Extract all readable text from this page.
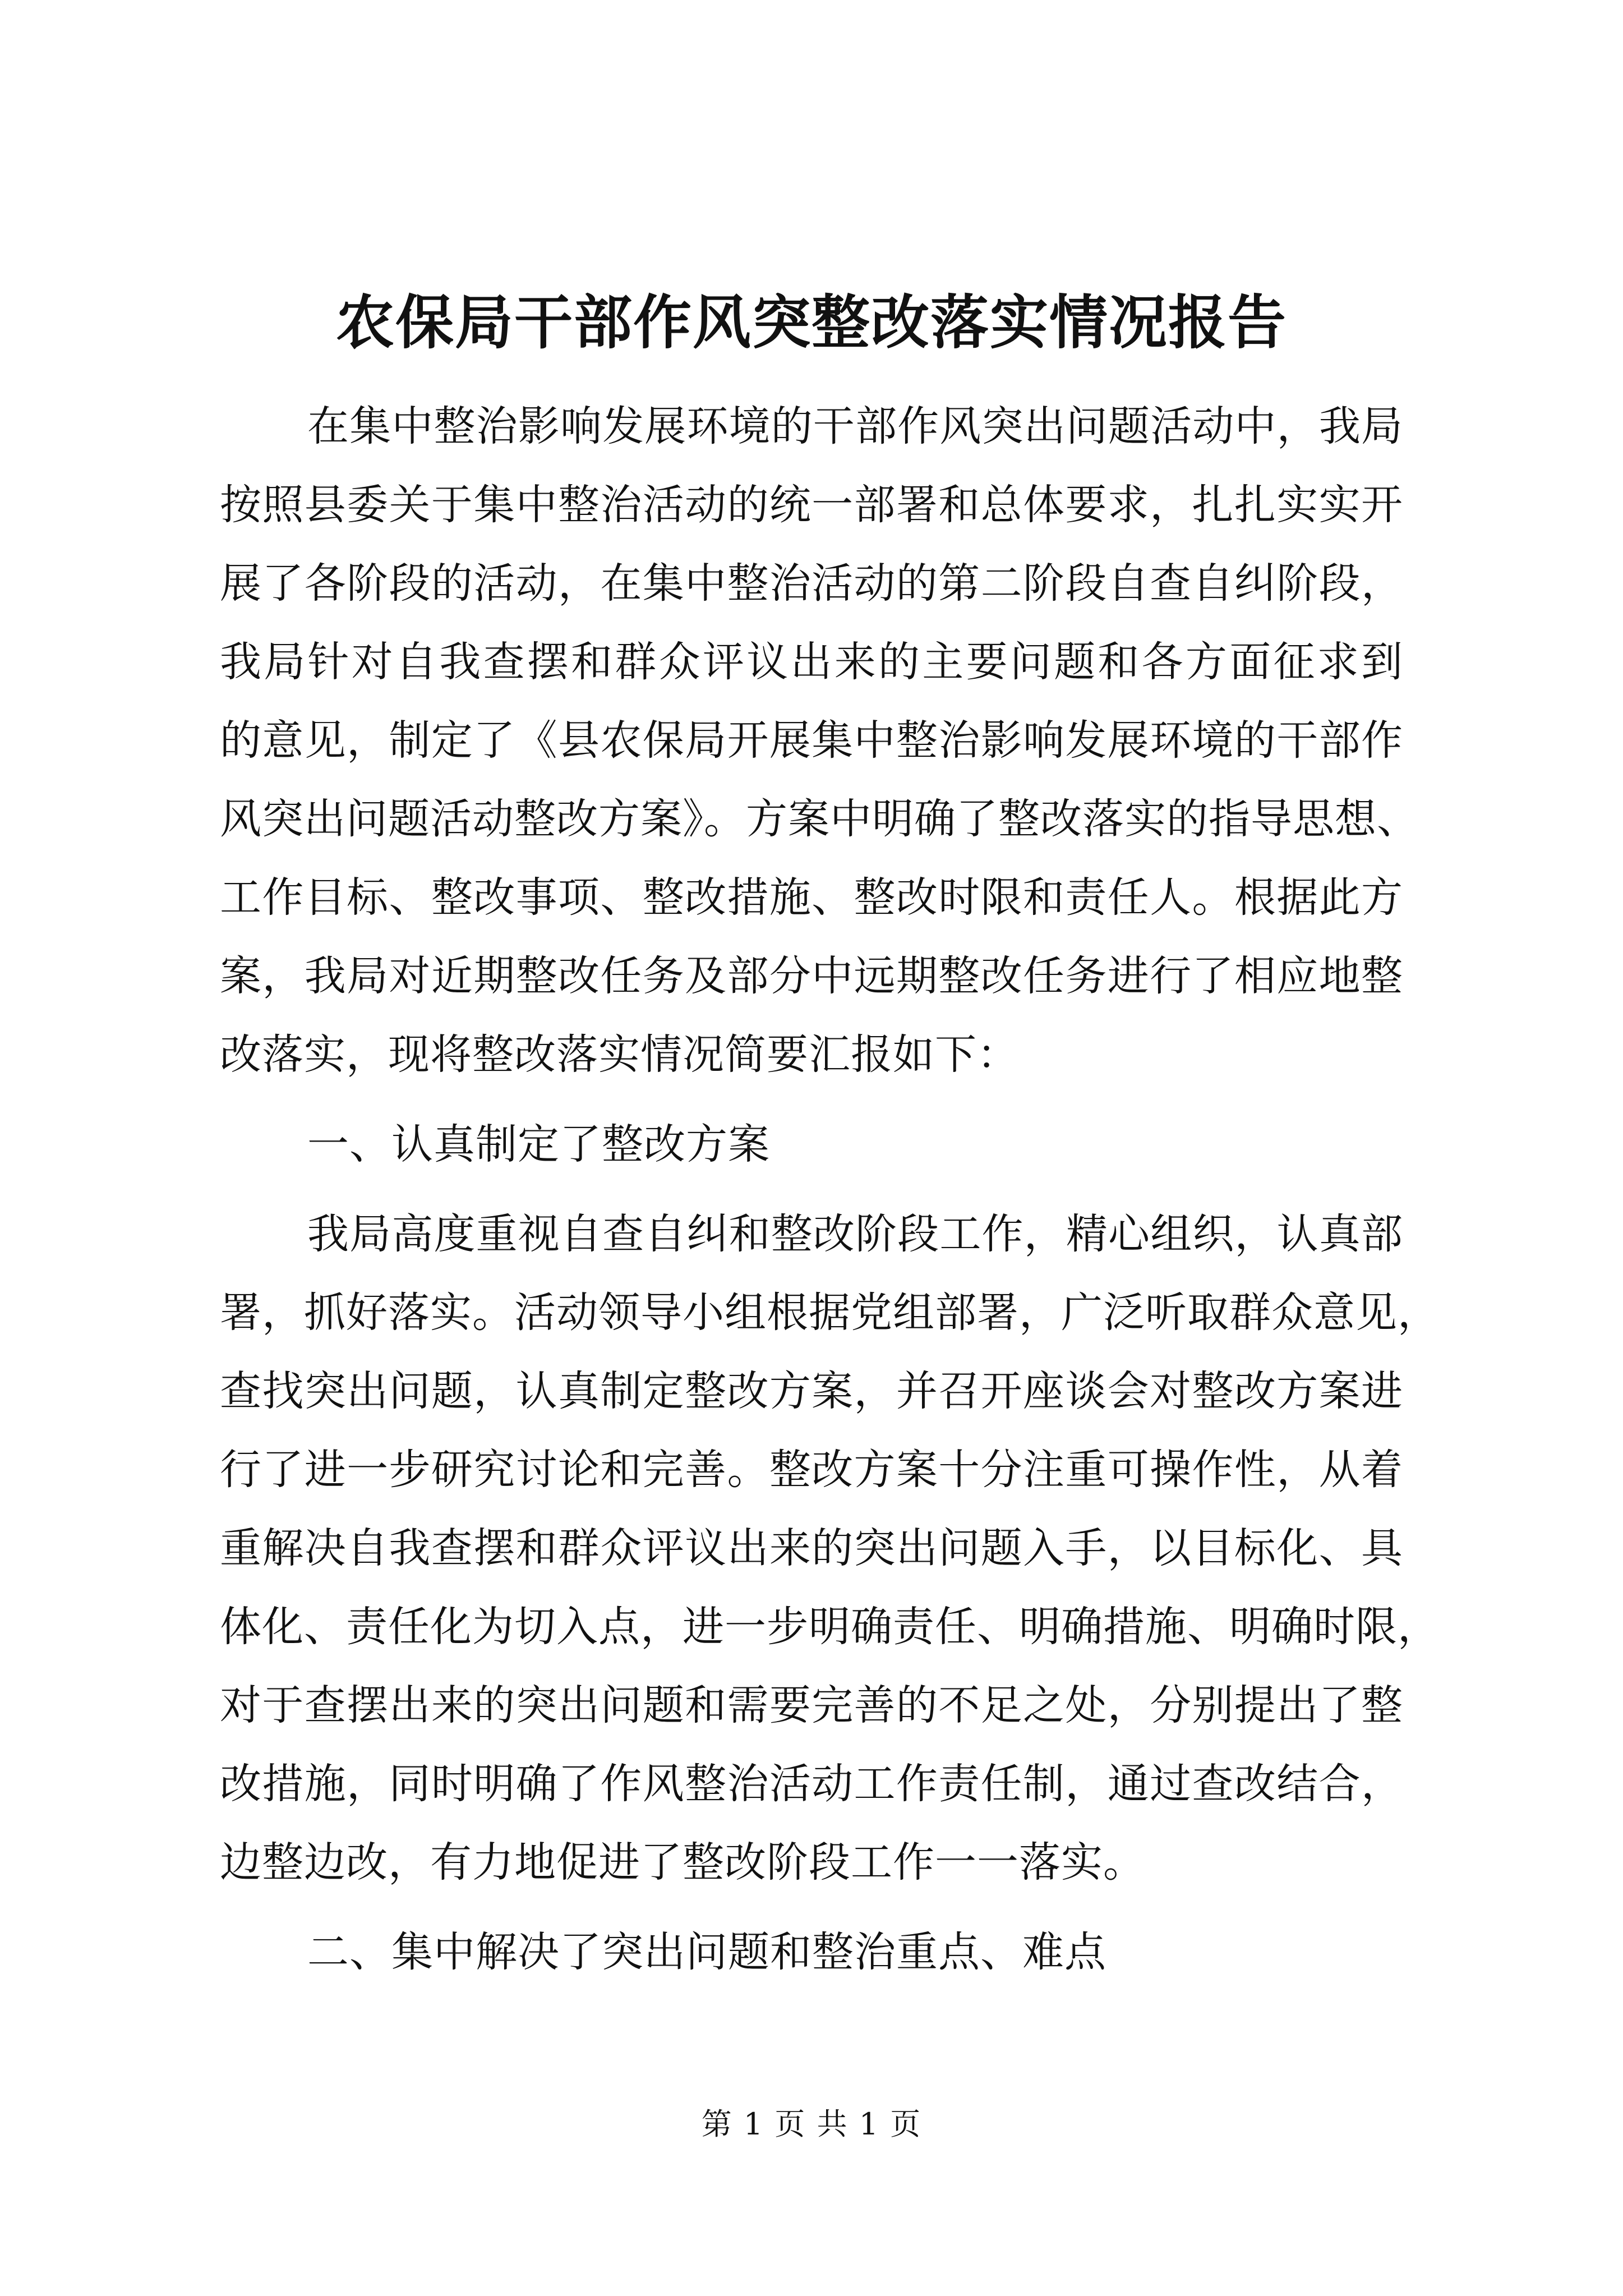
农保局干部作风突整改落实情况报告
在集中整治影响发展环境的干部作风突出问题活动中，我局
按照县委关于集中整治活动的统一部署和总体要求，扎扎实实开
展了各阶段的活动，在集中整治活动的第二阶段自查自纠阶段，
我局针对自我查摆和群众评议出来的主要问题和各方面征求到
的意见，制定了《县农保局开展集中整治影响发展环境的干部作
风突出问题活动整改方案》。方案中明确了整改落实的指导思想、
工作目标、整改事项、整改措施、整改时限和责任人。根据此方
案，我局对近期整改任务及部分中远期整改任务进行了相应地整
改落实，现将整改落实情况简要汇报如下：
一、认真制定了整改方案
我局高度重视自查自纠和整改阶段工作，精心组织，认真部
署，抓好落实。活动领导小组根据党组部署，广泛听取群众意见，
查找突出问题，认真制定整改方案，并召开座谈会对整改方案进
行了进一步研究讨论和完善。整改方案十分注重可操作性，从着
重解决自我查摆和群众评议出来的突出问题入手，以目标化、具
体化、责任化为切入点，进一步明确责任、明确措施、明确时限，
对于查摆出来的突出问题和需要完善的不足之处，分别提出了整
改措施，同时明确了作风整治活动工作责任制，通过查改结合，
边整边改，有力地促进了整改阶段工作一一落实。
二、集中解决了突出问题和整治重点、难点
第 1 页 共 1 页
